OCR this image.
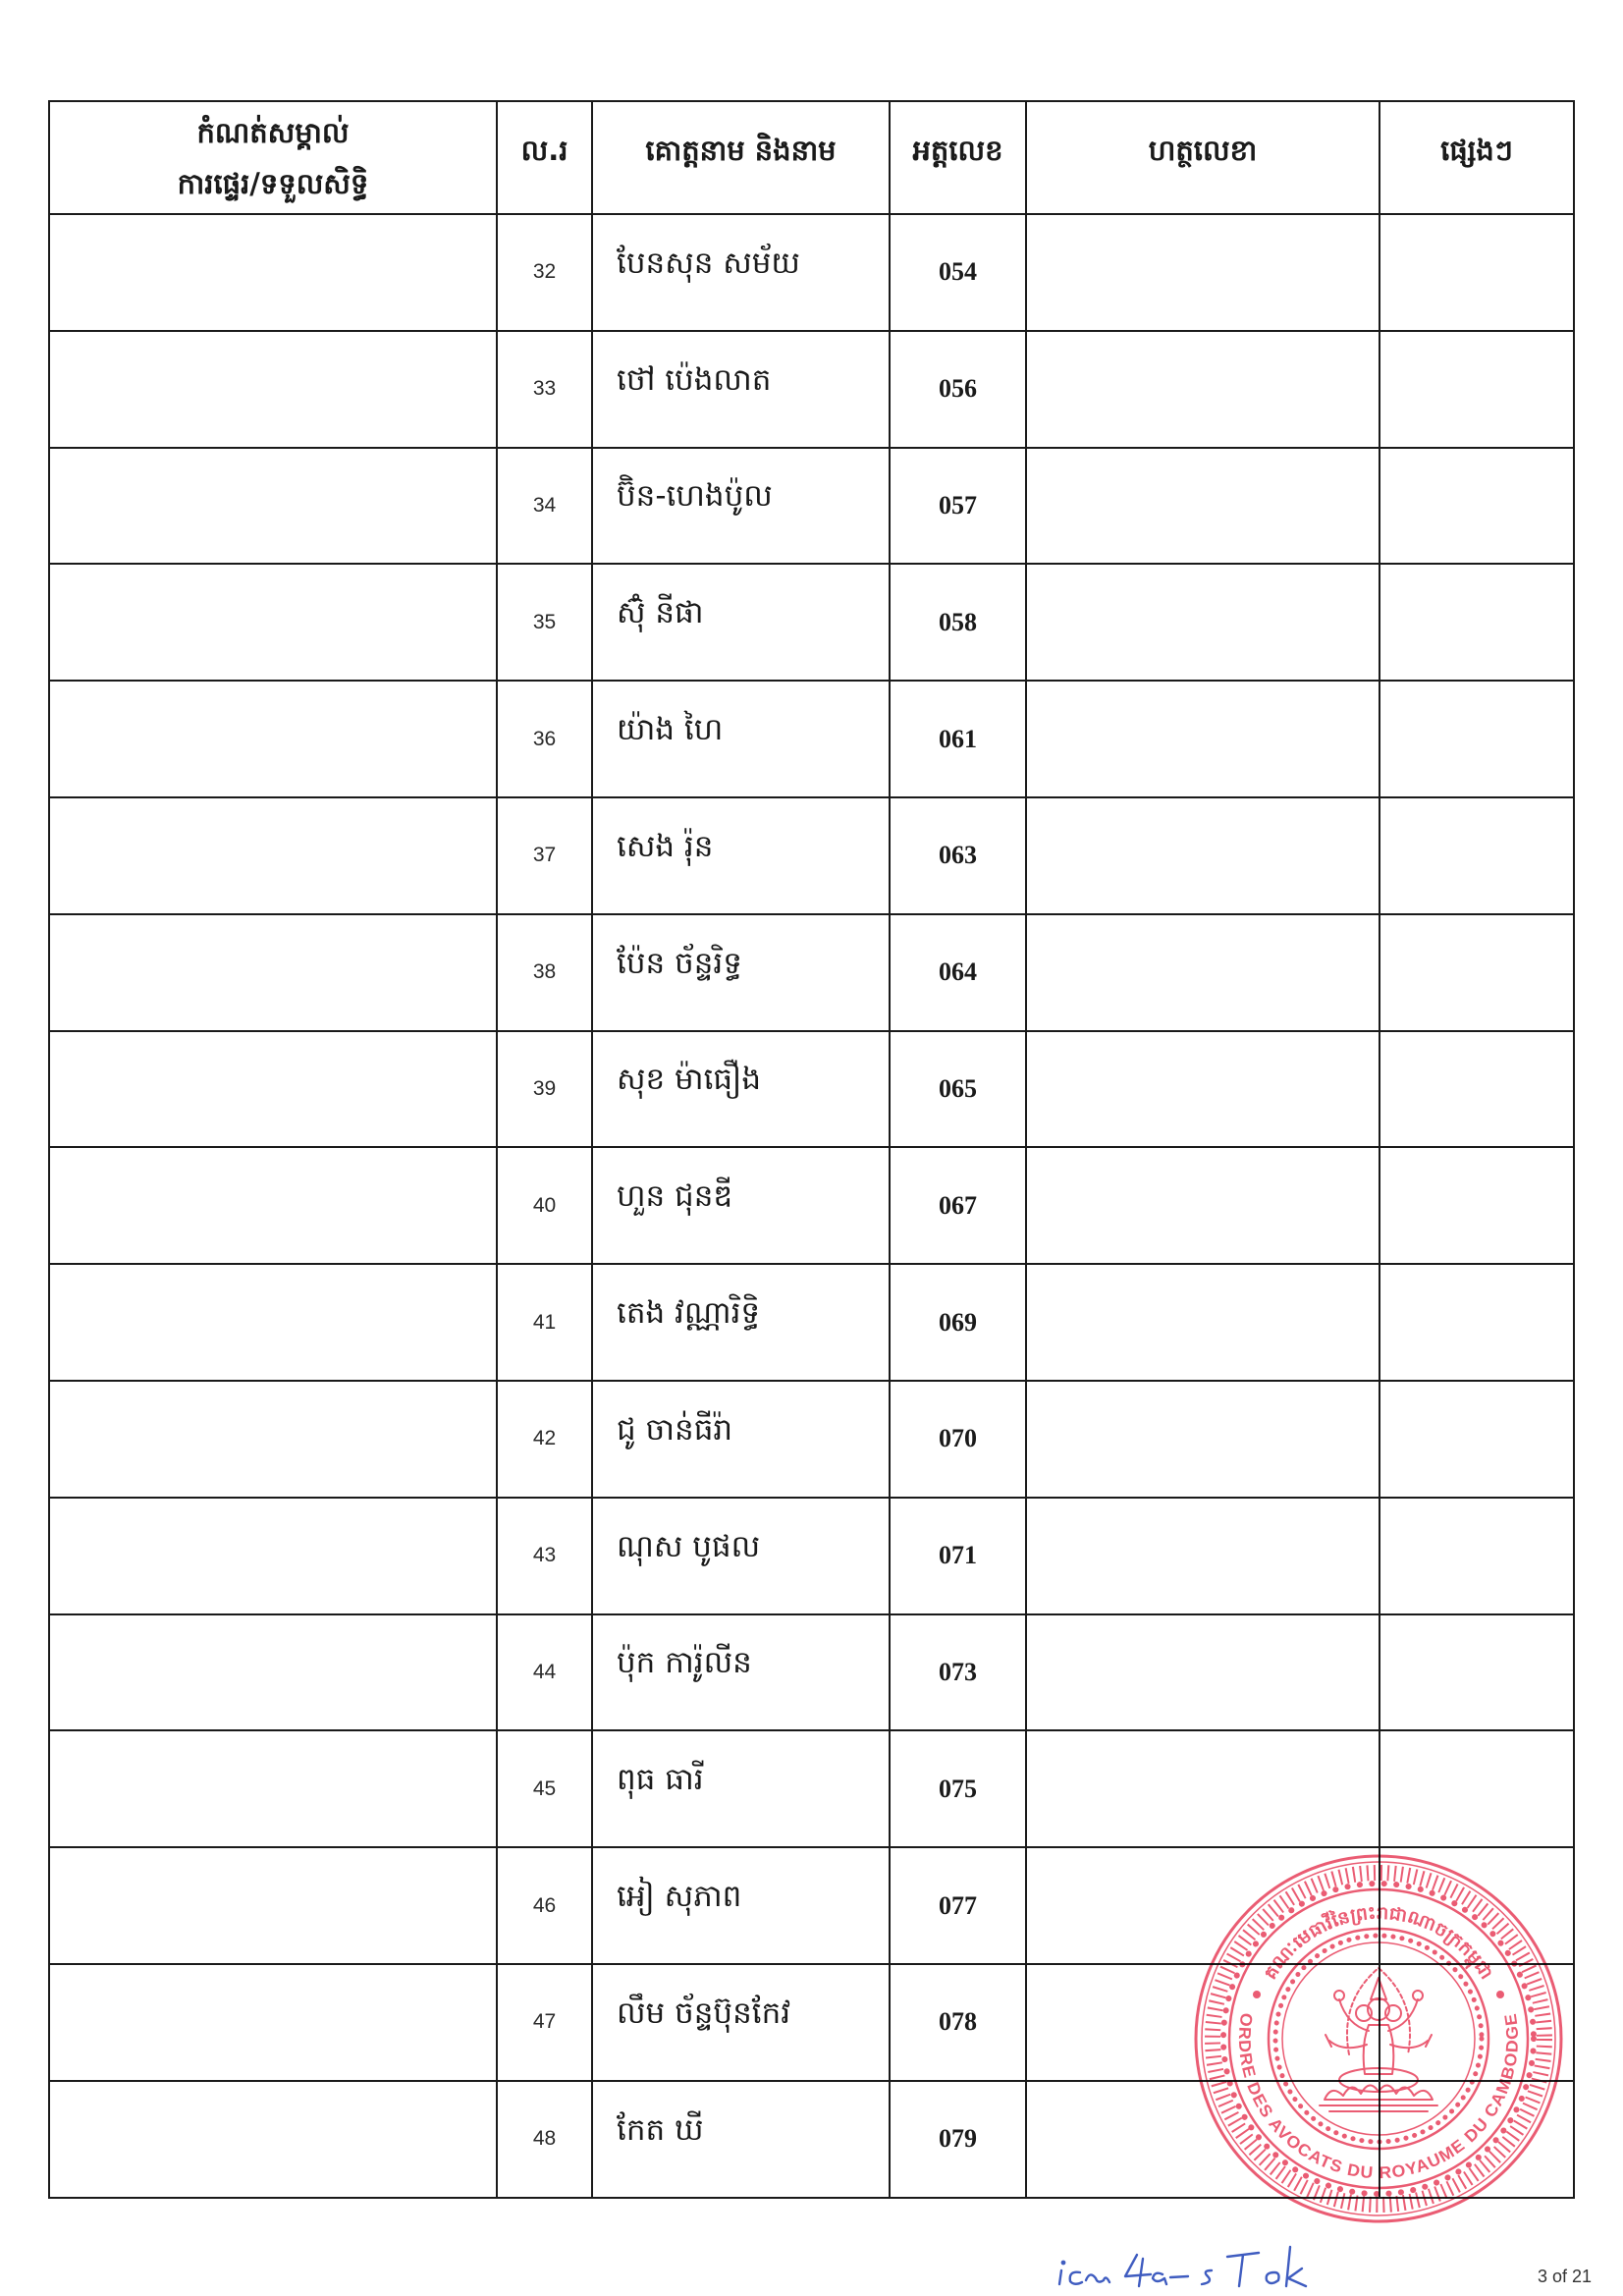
កំណត់សម្គាល់
ការផ្ទេរ/ទទួលសិទ្ធិ	ល.រ	គោត្តនាម និងនាម	អត្តលេខ	ហត្ថលេខា	ផ្សេងៗ
	32	បែនសុន សម័យ	054		
	33	ថៅ ប៉េងលាត	056		
	34	ប៊ិន-ហេងប៉ូល	057		
	35	ស៊ុំ នីផា	058		
	36	យ៉ាង ហៃ	061		
	37	សេង រ៉ុន	063		
	38	ប៉ែន ច័ន្ទរិទ្ធ	064		
	39	សុខ ម៉ាធឿង	065		
	40	ហួន ជុនឌី	067		
	41	តេង វណ្ណារិទ្ធិ	069		
	42	ជូ ចាន់ធីរ៉ា	070		
	43	ណុស បូផល	071		
	44	ប៉ុក ការ៉ូលីន	073		
	45	ពុធ ធារី	075		
	46	អៀ សុភាព	077		
	47	លឹម ច័ន្ទប៊ុនកែវ	078		
	48	កែត ឃី	079		
គណៈមេធាវីនៃព្រះរាជាណាចក្រកម្ពុជា
ORDRE DES AVOCATS DU ROYAUME DU CAMBODGE
3 of 21
